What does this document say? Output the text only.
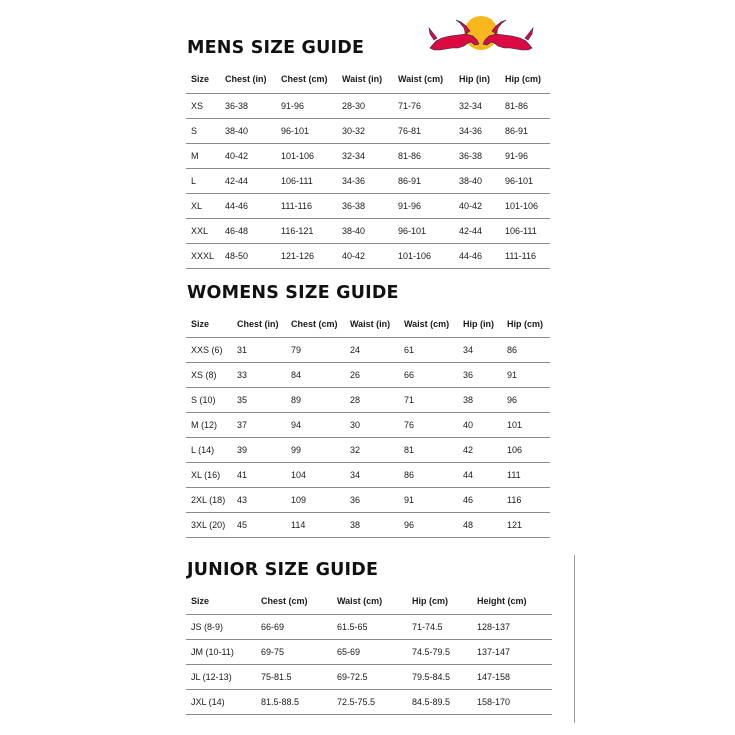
MENS SIZE GUIDE
Size	Chest (in)	Chest (cm)	Waist (in)	Waist (cm)	Hip (in)	Hip (cm)
XS	36-38	91-96	28-30	71-76	32-34	81-86
S	38-40	96-101	30-32	76-81	34-36	86-91
M	40-42	101-106	32-34	81-86	36-38	91-96
L	42-44	106-111	34-36	86-91	38-40	96-101
XL	44-46	111-116	36-38	91-96	40-42	101-106
XXL	46-48	116-121	38-40	96-101	42-44	106-111
XXXL	48-50	121-126	40-42	101-106	44-46	111-116
WOMENS SIZE GUIDE
Size	Chest (in)	Chest (cm)	Waist (in)	Waist (cm)	Hip (in)	Hip (cm)
XXS (6)	31	79	24	61	34	86
XS (8)	33	84	26	66	36	91
S (10)	35	89	28	71	38	96
M (12)	37	94	30	76	40	101
L (14)	39	99	32	81	42	106
XL (16)	41	104	34	86	44	111
2XL (18)	43	109	36	91	46	116
3XL (20)	45	114	38	96	48	121
JUNIOR SIZE GUIDE
Size	Chest (cm)	Waist (cm)	Hip (cm)	Height (cm)
JS (8-9)	66-69	61.5-65	71-74.5	128-137
JM (10-11)	69-75	65-69	74.5-79.5	137-147
JL (12-13)	75-81.5	69-72.5	79.5-84.5	147-158
JXL (14)	81.5-88.5	72.5-75.5	84.5-89.5	158-170
